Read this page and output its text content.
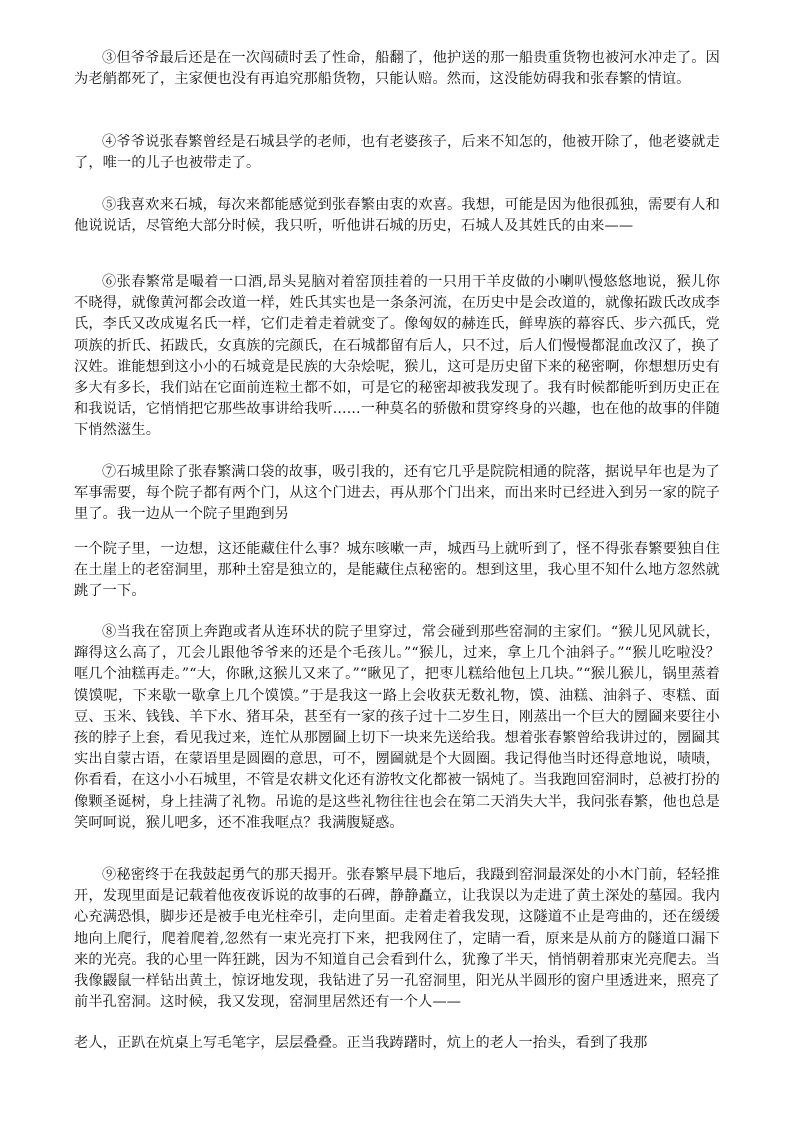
③但爷爷最后还是在一次闯碛时丢了性命，船翻了，他护送的那一船贵重货物也被河水冲走了。因为老艄都死了，主家便也没有再追究那船货物，只能认赔。然而，这没能妨碍我和张春繁的情谊。

④爷爷说张春繁曾经是石城县学的老师，也有老婆孩子，后来不知怎的，他被开除了，他老婆就走了，唯一的儿子也被带走了。

⑤我喜欢来石城，每次来都能感觉到张春繁由衷的欢喜。我想，可能是因为他很孤独，需要有人和他说说话，尽管绝大部分时候，我只听，听他讲石城的历史，石城人及其姓氏的由来——

⑥张春繁常是嘬着一口酒,昂头晃脑对着窑顶挂着的一只用干羊皮做的小喇叭慢悠悠地说，猴儿你不晓得，就像黄河都会改道一样，姓氏其实也是一条条河流，在历史中是会改道的，就像拓跋氏改成李氏，李氏又改成嵬名氏一样，它们走着走着就变了。像匈奴的赫连氏，鲜卑族的幕容氏、步六孤氏，党项族的折氏、拓跋氏，女真族的完颜氏，在石城都留有后人，只不过，后人们慢慢都混血改汉了，换了汉姓。谁能想到这小小的石城竟是民族的大杂烩呢，猴儿，这可是历史留下来的秘密啊，你想想历史有多大有多长，我们站在它面前连粒土都不如，可是它的秘密却被我发现了。我有时候都能听到历史正在和我说话，它悄悄把它那些故事讲给我听......一种莫名的骄傲和贯穿终身的兴趣，也在他的故事的伴随下悄然滋生。

⑦石城里除了张春繁满口袋的故事，吸引我的，还有它几乎是院院相通的院落，据说早年也是为了军事需要，每个院子都有两个门，从这个门进去，再从那个门出来，而出来时已经进入到另一家的院子里了。我一边从一个院子里跑到另

一个院子里，一边想，这还能藏住什么事？城东咳嗽一声，城西马上就听到了，怪不得张春繁要独自住在土崖上的老窑洞里，那种土窑是独立的，是能藏住点秘密的。想到这里，我心里不知什么地方忽然就跳了一下。

⑧当我在窑顶上奔跑或者从连环状的院子里穿过，常会碰到那些窑洞的主家们。“猴儿见风就长，蹿得这么高了，兀会儿跟他爷爷来的还是个毛孩儿。”“猴儿，过来，拿上几个油斜子。”“猴儿吃啦没？哐几个油糕再走。”“大，你瞅,这猴儿又来了。”“瞅见了，把枣儿糕给他包上几块。”“猴儿猴儿，锅里蒸着馍馍呢，下来歇一歇拿上几个馍馍。”于是我这一路上会收获无数礼物，馍、油糕、油斜子、枣糕、面豆、玉米、钱钱、羊下水、猪耳朵，甚至有一家的孩子过十二岁生日，刚蒸出一个巨大的圐圙来要往小孩的脖子上套，看见我过来，连忙从那圐圙上切下一块来先送给我。想着张春繁曾给我讲过的，圐圙其实出自蒙古语，在蒙语里是圆圈的意思，可不，圐圙就是个大圆圈。我记得他当时还得意地说，啧啧，你看看，在这小小石城里，不管是农耕文化还有游牧文化都被一锅炖了。当我跑回窑洞时，总被打扮的像颗圣诞树，身上挂满了礼物。吊诡的是这些礼物往往也会在第二天消失大半，我问张春繁，他也总是笑呵呵说，猴儿吧多，还不准我哐点？我满腹疑惑。

⑨秘密终于在我鼓起勇气的那天揭开。张春繁早晨下地后，我蹑到窑洞最深处的小木门前，轻轻推开，发现里面是记载着他夜夜诉说的故事的石碑，静静矗立，让我误以为走进了黄土深处的墓园。我内心充满恐惧，脚步还是被手电光柱牵引，走向里面。走着走着我发现，这隧道不止是弯曲的，还在缓缓地向上爬行，爬着爬着,忽然有一束光亮打下来，把我网住了，定睛一看，原来是从前方的隧道口漏下来的光亮。我的心里一阵狂跳，因为不知道自己会看到什么，犹豫了半天，悄悄朝着那束光亮爬去。当我像鼹鼠一样钻出黄土，惊讶地发现，我钻进了另一孔窑洞里，阳光从半圆形的窗户里透进来，照亮了前半孔窑洞。这时候，我又发现，窑洞里居然还有一个人——

老人，正趴在炕桌上写毛笔字，层层叠叠。正当我踌躇时，炕上的老人一抬头，看到了我那
